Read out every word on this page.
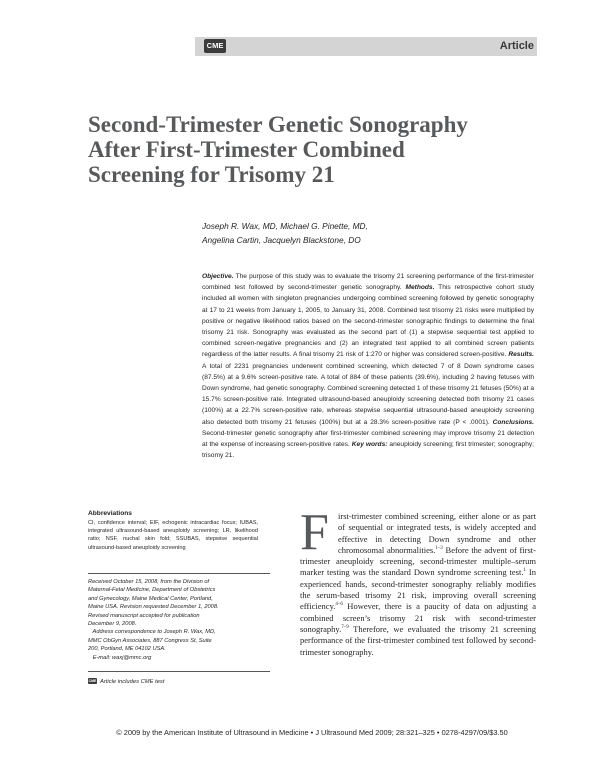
CME	Article
Second-Trimester Genetic Sonography
After First-Trimester Combined
Screening for Trisomy 21
Joseph R. Wax, MD, Michael G. Pinette, MD,
Angelina Cartin, Jacquelyn Blackstone, DO
Objective. The purpose of this study was to evaluate the trisomy 21 screening performance of the first-trimester combined test followed by second-trimester genetic sonography. Methods. This retrospective cohort study included all women with singleton pregnancies undergoing combined screening followed by genetic sonography at 17 to 21 weeks from January 1, 2005, to January 31, 2008. Combined test trisomy 21 risks were multiplied by positive or negative likelihood ratios based on the second-trimester sonographic findings to determine the final trisomy 21 risk. Sonography was evaluated as the second part of (1) a stepwise sequential test applied to combined screen-negative pregnancies and (2) an integrated test applied to all combined screen patients regardless of the latter results. A final trisomy 21 risk of 1:270 or higher was considered screen-positive. Results. A total of 2231 pregnancies underwent combined screening, which detected 7 of 8 Down syndrome cases (87.5%) at a 9.6% screen-positive rate. A total of 884 of these patients (39.6%), including 2 having fetuses with Down syndrome, had genetic sonography. Combined screening detected 1 of these trisomy 21 fetuses (50%) at a 15.7% screen-positive rate. Integrated ultrasound-based aneuploidy screening detected both trisomy 21 cases (100%) at a 22.7% screen-positive rate, whereas stepwise sequential ultrasound-based aneuploidy screening also detected both trisomy 21 fetuses (100%) but at a 28.3% screen-positive rate (P < .0001). Conclusions. Second-trimester genetic sonography after first-trimester combined screening may improve trisomy 21 detection at the expense of increasing screen-positive rates. Key words: aneuploidy screening; first trimester; sonography; trisomy 21.
Abbreviations
CI, confidence interval; EIF, echogenic intracardiac focus; IUBAS, integrated ultrasound-based aneuploidy screening; LR, likelihood ratio; NSF, nuchal skin fold; SSUBAS, stepwise sequential ultrasound-based aneuploidy screening
Received October 15, 2008, from the Division of
Maternal-Fetal Medicine, Department of Obstetrics
and Gynecology, Maine Medical Center, Portland,
Maine USA. Revision requested December 1, 2008.
Revised manuscript accepted for publication
December 9, 2008.
Address correspondence to Joseph R. Wax, MD,
MMC ObGyn Associates, 887 Congress St, Suite
200, Portland, ME 04102 USA.
E-mail: waxj@mmc.org
CME Article includes CME test
F	irst-trimester combined screening, either alone or as part of sequential or integrated tests, is widely accepted and effective in detecting Down syndrome and other chromosomal abnormalities.$^{1-3}$ Before the advent of first-trimester aneuploidy screening, second-trimester multiple–serum marker testing was the standard Down syndrome screening test.$^1$ In experienced hands, second-trimester sonography reliably modifies the serum-based trisomy 21 risk, improving overall screening efficiency.$^{4-6}$ However, there is a paucity of data on adjusting a combined screen’s trisomy 21 risk with second-trimester sonography.$^{7-9}$ Therefore, we evaluated the trisomy 21 screening performance of the first-trimester combined test followed by second-trimester sonography.
© 2009 by the American Institute of Ultrasound in Medicine • J Ultrasound Med 2009; 28:321–325 • 0278-4297/09/$3.50
